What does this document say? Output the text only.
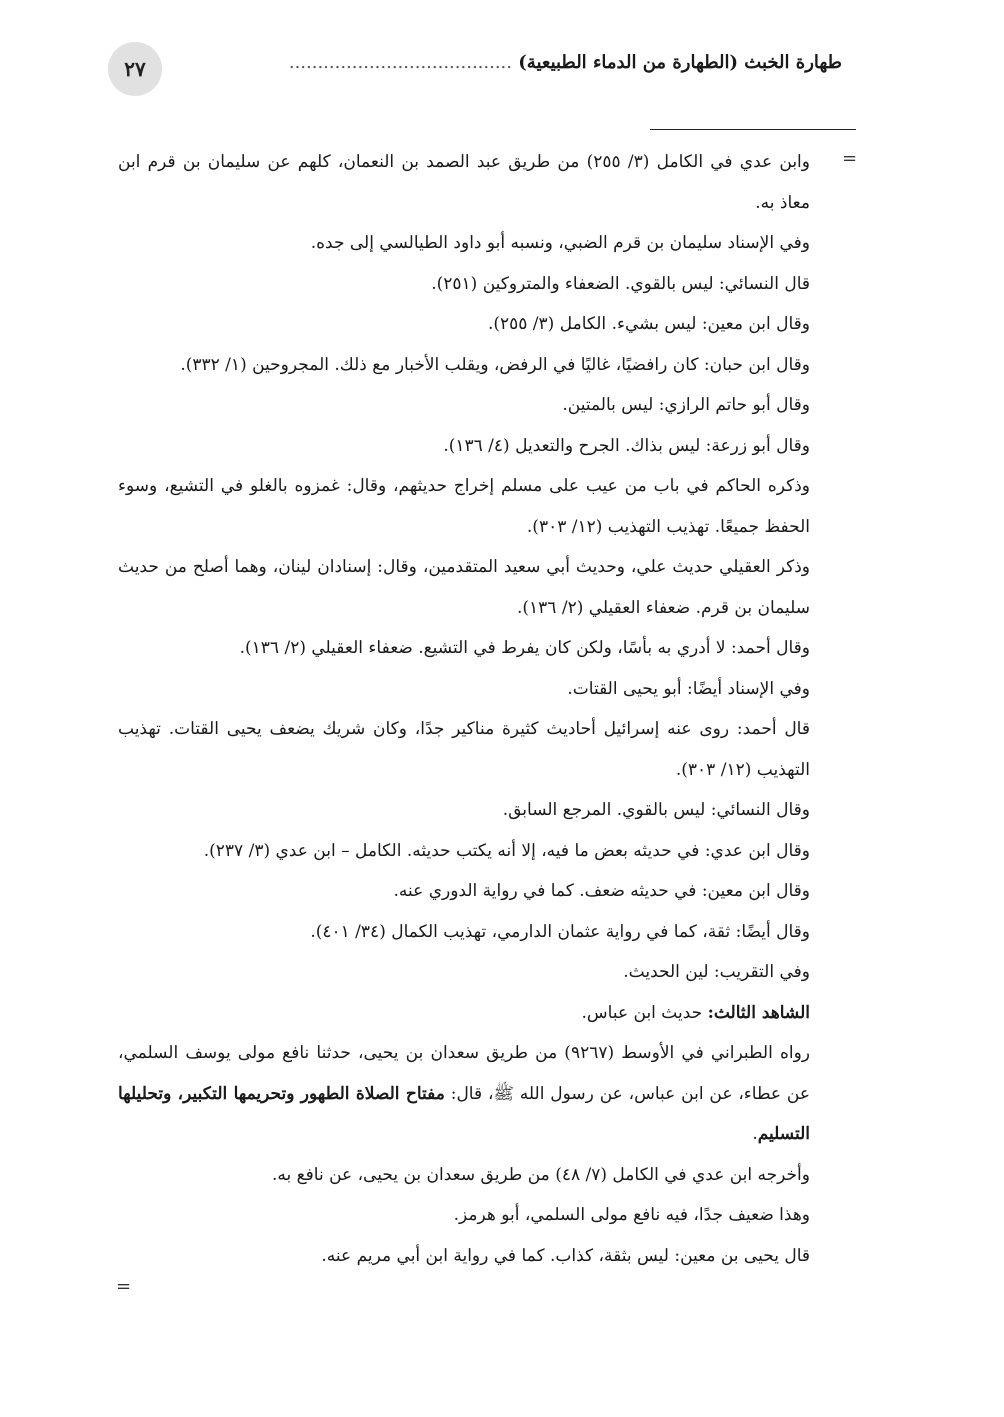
٢٧	طهارة الخبث (الطهارة من الدماء الطبيعية) .......................................
=

وابن عدي في الكامل (٣/ ٢٥٥) من طريق عبد الصمد بن النعمان، كلهم عن سليمان بن قرم ابن معاذ به.

وفي الإسناد سليمان بن قرم الضبي، ونسبه أبو داود الطيالسي إلى جده.

قال النسائي: ليس بالقوي. الضعفاء والمتروكين (٢٥١).

وقال ابن معين: ليس بشيء. الكامل (٣/ ٢٥٥).

وقال ابن حبان: كان رافضيًا، غاليًا في الرفض، ويقلب الأخبار مع ذلك. المجروحين (١/ ٣٣٢).

وقال أبو حاتم الرازي: ليس بالمتين.

وقال أبو زرعة: ليس بذاك. الجرح والتعديل (٤/ ١٣٦).

وذكره الحاكم في باب من عيب على مسلم إخراج حديثهم، وقال: غمزوه بالغلو في التشيع، وسوء الحفظ جميعًا. تهذيب التهذيب (١٢/ ٣٠٣).

وذكر العقيلي حديث علي، وحديث أبي سعيد المتقدمين، وقال: إسنادان لينان، وهما أصلح من حديث سليمان بن قرم. ضعفاء العقيلي (٢/ ١٣٦).

وقال أحمد: لا أدري به بأسًا، ولكن كان يفرط في التشيع. ضعفاء العقيلي (٢/ ١٣٦).

وفي الإسناد أيضًا: أبو يحيى القتات.

قال أحمد: روى عنه إسرائيل أحاديث كثيرة مناكير جدًا، وكان شريك يضعف يحيى القتات. تهذيب التهذيب (١٢/ ٣٠٣).

وقال النسائي: ليس بالقوي. المرجع السابق.

وقال ابن عدي: في حديثه بعض ما فيه، إلا أنه يكتب حديثه. الكامل – ابن عدي (٣/ ٢٣٧).

وقال ابن معين: في حديثه ضعف. كما في رواية الدوري عنه.

وقال أيضًا: ثقة، كما في رواية عثمان الدارمي، تهذيب الكمال (٣٤/ ٤٠١).

وفي التقريب: لين الحديث.

الشاهد الثالث: حديث ابن عباس.

رواه الطبراني في الأوسط (٩٢٦٧) من طريق سعدان بن يحيى، حدثنا نافع مولى يوسف السلمي، عن عطاء، عن ابن عباس، عن رسول الله ﷺ، قال: مفتاح الصلاة الطهور وتحريمها التكبير، وتحليلها التسليم.

وأخرجه ابن عدي في الكامل (٧/ ٤٨) من طريق سعدان بن يحيى، عن نافع به.

وهذا ضعيف جدًا، فيه نافع مولى السلمي، أبو هرمز.

قال يحيى بن معين: ليس بثقة، كذاب. كما في رواية ابن أبي مريم عنه.

=
